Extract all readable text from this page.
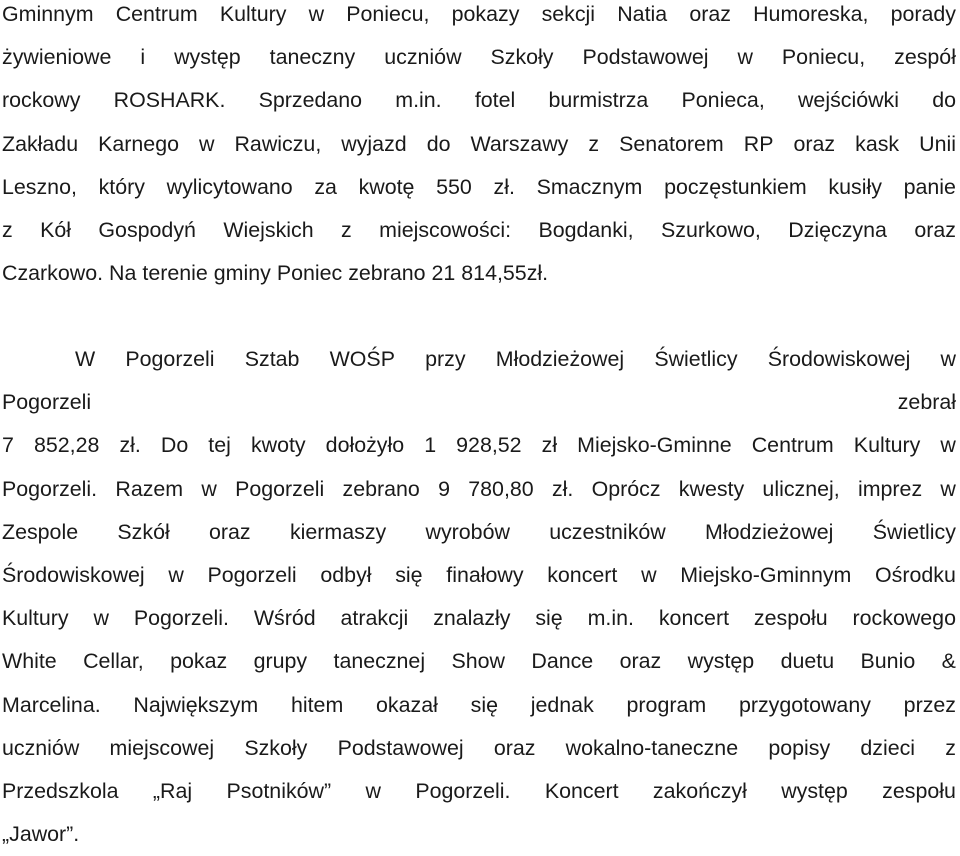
Gminnym Centrum Kultury w Poniecu, pokazy sekcji Natia oraz Humoreska, porady

żywieniowe i występ taneczny uczniów Szkoły Podstawowej w Poniecu, zespół

rockowy ROSHARK. Sprzedano m.in. fotel burmistrza Ponieca, wejściówki do

Zakładu Karnego w Rawiczu, wyjazd do Warszawy z Senatorem RP oraz kask Unii

Leszno, który wylicytowano za kwotę 550 zł. Smacznym poczęstunkiem kusiły panie

z Kół Gospodyń Wiejskich z miejscowości: Bogdanki, Szurkowo, Dzięczyna oraz

Czarkowo. Na terenie gminy Poniec zebrano 21 814,55zł.

W Pogorzeli Sztab WOŚP przy Młodzieżowej Świetlicy Środowiskowej w

Pogorzeli	zebrał

7 852,28 zł. Do tej kwoty dołożyło 1 928,52 zł Miejsko-Gminne Centrum Kultury w

Pogorzeli. Razem w Pogorzeli zebrano 9 780,80 zł. Oprócz kwesty ulicznej, imprez w

Zespole Szkół oraz kiermaszy wyrobów uczestników Młodzieżowej Świetlicy

Środowiskowej w Pogorzeli odbył się finałowy koncert w Miejsko-Gminnym Ośrodku

Kultury w Pogorzeli. Wśród atrakcji znalazły się m.in. koncert zespołu rockowego

White Cellar, pokaz grupy tanecznej Show Dance oraz występ duetu Bunio &

Marcelina. Największym hitem okazał się jednak program przygotowany przez

uczniów miejscowej Szkoły Podstawowej oraz wokalno-taneczne popisy dzieci z

Przedszkola „Raj Psotników” w Pogorzeli. Koncert zakończył występ zespołu

„Jawor”.
